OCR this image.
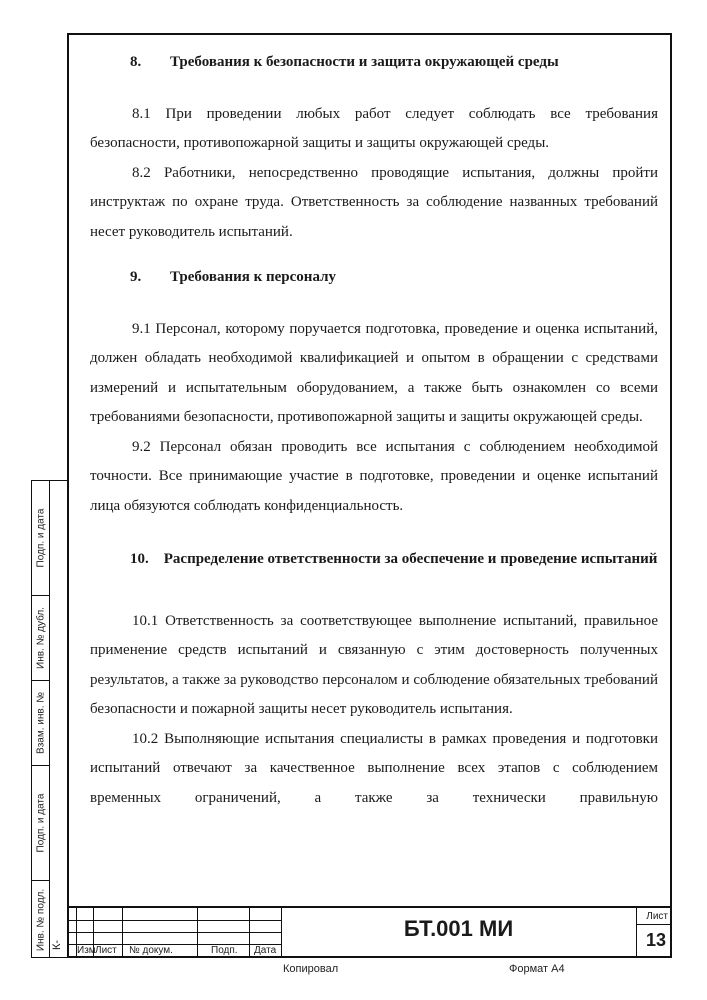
8. Требования к безопасности и защита окружающей среды

8.1 При проведении любых работ следует соблюдать все требования безопасности, противопожарной защиты и защиты окружающей среды.

8.2 Работники, непосредственно проводящие испытания, должны пройти инструктаж по охране труда. Ответственность за соблюдение названных требований несет руководитель испытаний.

9. Требования к персоналу

9.1 Персонал, которому поручается подготовка, проведение и оценка испытаний, должен обладать необходимой квалификацией и опытом в обращении с средствами измерений и испытательным оборудованием, а также быть ознакомлен со всеми требованиями безопасности, противопожарной защиты и защиты окружающей среды.

9.2 Персонал обязан проводить все испытания с соблюдением необходимой точности. Все принимающие участие в подготовке, проведении и оценке испытаний лица обязуются соблюдать конфиденциальность.

10. Распределение ответственности за обеспечение и проведение испытаний

10.1 Ответственность за соответствующее выполнение испытаний, правильное применение средств испытаний и связанную с этим достоверность полученных результатов, а также за руководство персоналом и соблюдение обязательных требований безопасности и пожарной защиты несет руководитель испытания.

10.2 Выполняющие испытания специалисты в рамках проведения и подготовки испытаний отвечают за качественное выполнение всех этапов с соблюдением временных ограничений, а также за технически правильную

Подп. и дата
Инв. № дубл.
Взам. инв. №
Подп. и дата
Инв. № подл. К- Изм Лист № докум.	Подп. Дата
БТ.001 МИ	Лист
13
Копировал	Формат А4
